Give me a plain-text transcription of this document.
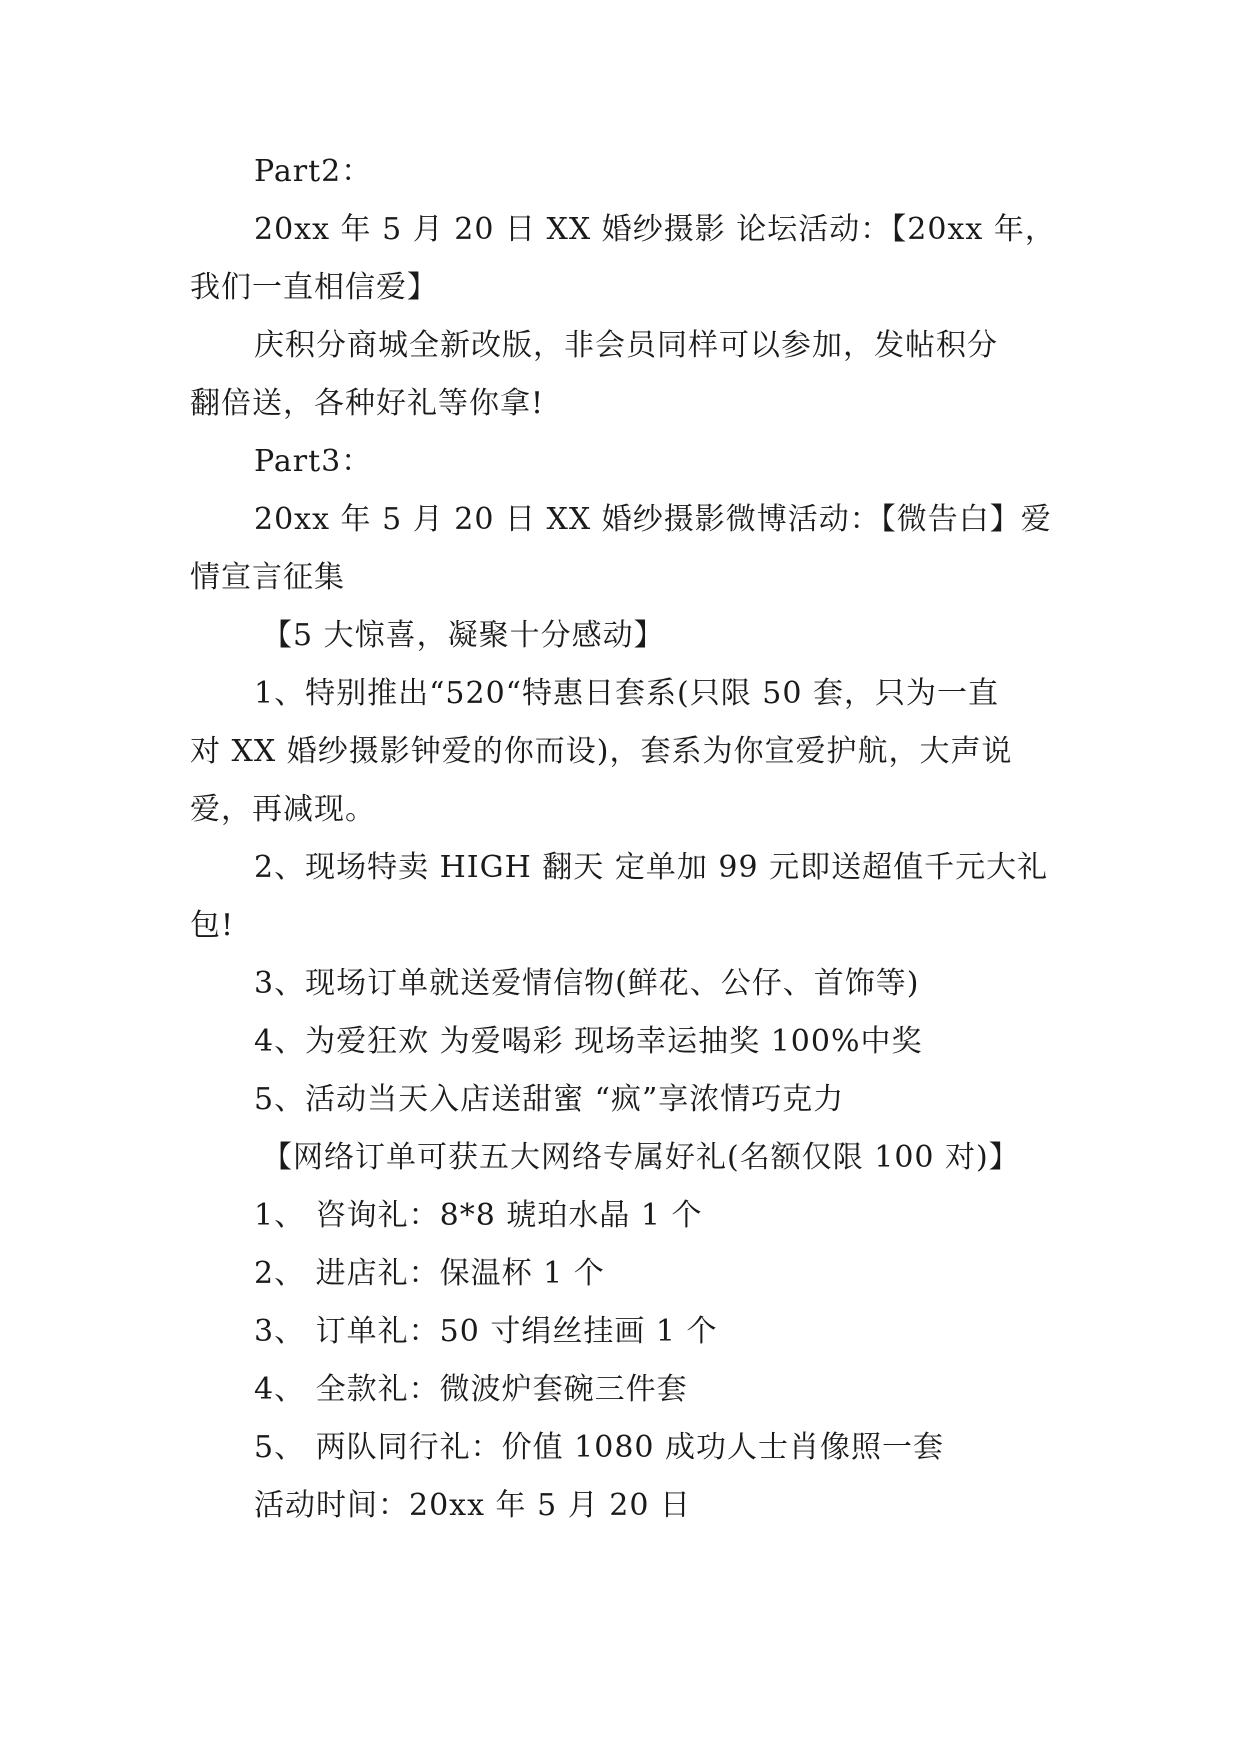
Part2：
20xx 年 5 月 20 日 XX 婚纱摄影 论坛活动：【20xx 年，
我们一直相信爱】
庆积分商城全新改版，非会员同样可以参加，发帖积分
翻倍送，各种好礼等你拿!
Part3：
20xx 年 5 月 20 日 XX 婚纱摄影微博活动：【微告白】爱
情宣言征集
【5 大惊喜，凝聚十分感动】
1、特别推出“520“特惠日套系(只限 50 套，只为一直
对 XX 婚纱摄影钟爱的你而设)，套系为你宣爱护航，大声说
爱，再减现。
2、现场特卖 HIGH 翻天 定单加 99 元即送超值千元大礼
包!
3、现场订单就送爱情信物(鲜花、公仔、首饰等)
4、为爱狂欢 为爱喝彩 现场幸运抽奖 100%中奖
5、活动当天入店送甜蜜 “疯”享浓情巧克力
【网络订单可获五大网络专属好礼(名额仅限 100 对)】
1、 咨询礼：8*8 琥珀水晶 1 个
2、 进店礼：保温杯 1 个
3、 订单礼：50 寸绢丝挂画 1 个
4、 全款礼：微波炉套碗三件套
5、 两队同行礼：价值 1080 成功人士肖像照一套
活动时间：20xx 年 5 月 20 日
